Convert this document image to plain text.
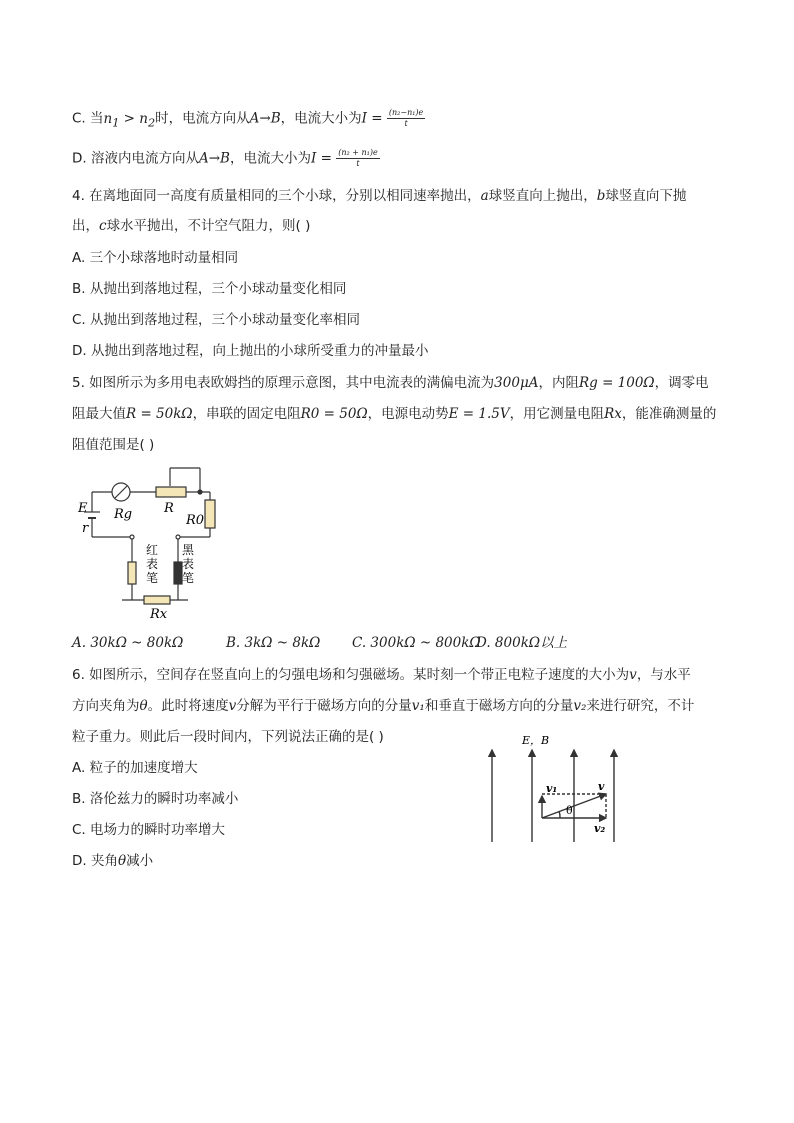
C. 当$n_1 > n_2$时，电流方向从A→B，电流大小为$I = \frac{\text{(n₂−n₁)e}}{t}$
D. 溶液内电流方向从A→B，电流大小为$I = \frac{\text{(n₂ + n₁)e}}{t}$
4. 在离地面同一高度有质量相同的三个小球，分别以相同速率抛出，a球竖直向上抛出，b球竖直向下抛
出，c球水平抛出，不计空气阻力，则( )
A. 三个小球落地时动量相同
B. 从抛出到落地过程，三个小球动量变化相同
C. 从抛出到落地过程，三个小球动量变化率相同
D. 从抛出到落地过程，向上抛出的小球所受重力的冲量最小
5. 如图所示为多用电表欧姆挡的原理示意图，其中电流表的满偏电流为300μA，内阻Rg = 100Ω，调零电
阻最大值R = 50kΩ，串联的固定电阻R0 = 50Ω，电源电动势E = 1.5V，用它测量电阻Rx，能准确测量的
阻值范围是( )
E
r
Rg R
R0
Rx
红
表
笔
黑
表
笔
A. 30kΩ ~ 80kΩ	B. 3kΩ ~ 8kΩ C. 300kΩ ~ 800kΩ
D. 800kΩ以上
6. 如图所示，空间存在竖直向上的匀强电场和匀强磁场。某时刻一个带正电粒子速度的大小为v，与水平
方向夹角为θ。此时将速度v分解为平行于磁场方向的分量v₁和垂直于磁场方向的分量v₂来进行研究，不计
粒子重力。则此后一段时间内，下列说法正确的是( )
A. 粒子的加速度增大
B. 洛伦兹力的瞬时功率减小
C. 电场力的瞬时功率增大
D. 夹角θ减小
E，B
v₁	v
θ
v₂
